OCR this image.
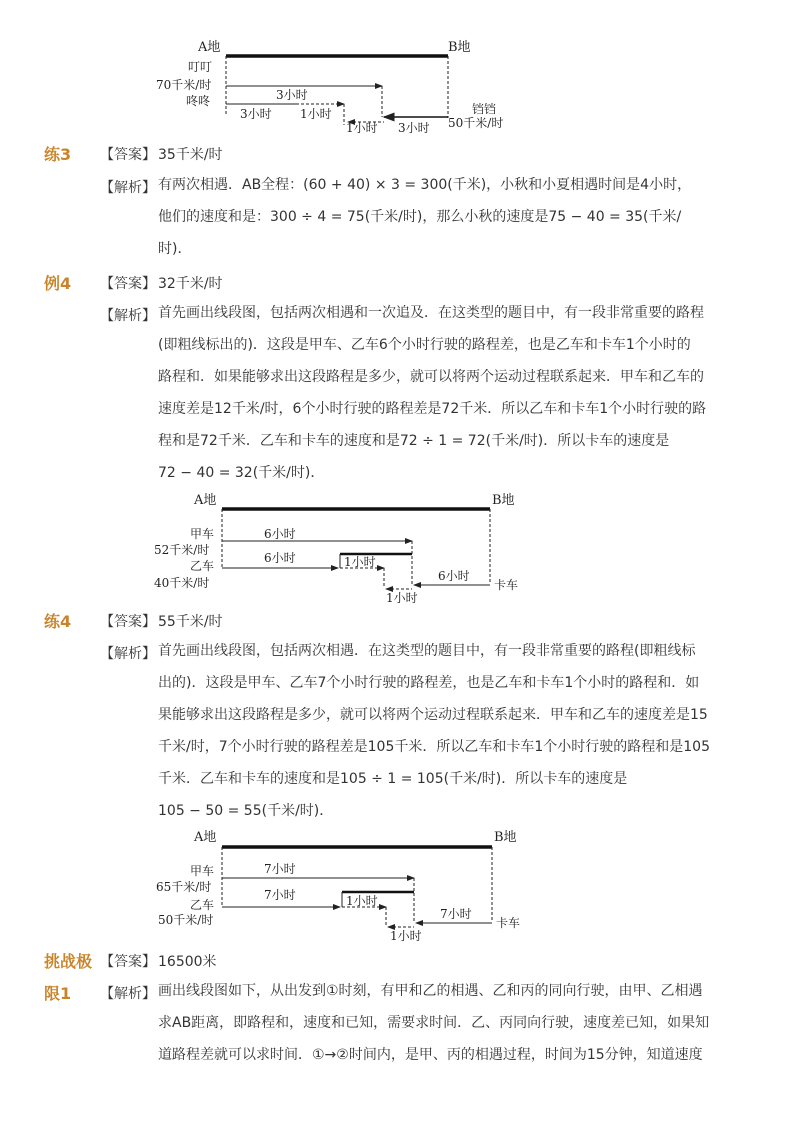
A地	B地
叮叮
70千米/时
咚咚	3小时
3小时 1小时
1小时 3小时
铛铛
50千米/时
练3 【答案】 35千米/时
【解析】 有两次相遇．AB全程：(60 + 40) × 3 = 300(千米)，小秋和小夏相遇时间是4小时，
他们的速度和是：300 ÷ 4 = 75(千米/时)，那么小秋的速度是75 − 40 = 35(千米/
时)．
例4 【答案】 32千米/时
【解析】 首先画出线段图，包括两次相遇和一次追及．在这类型的题目中，有一段非常重要的路程
(即粗线标出的)．这段是甲车、乙车6个小时行驶的路程差，也是乙车和卡车1个小时的
路程和．如果能够求出这段路程是多少，就可以将两个运动过程联系起来．甲车和乙车的
速度差是12千米/时，6个小时行驶的路程差是72千米．所以乙车和卡车1个小时行驶的路
程和是72千米．乙车和卡车的速度和是72 ÷ 1 = 72(千米/时)．所以卡车的速度是
72 − 40 = 32(千米/时)．
A地	B地
甲车
52千米/时
乙车
40千米/时
6小时
6小时	1小时
6小时
1小时
卡车
练4 【答案】 55千米/时
【解析】 首先画出线段图，包括两次相遇．在这类型的题目中，有一段非常重要的路程(即粗线标
出的)．这段是甲车、乙车7个小时行驶的路程差，也是乙车和卡车1个小时的路程和．如
果能够求出这段路程是多少，就可以将两个运动过程联系起来．甲车和乙车的速度差是15
千米/时，7个小时行驶的路程差是105千米．所以乙车和卡车1个小时行驶的路程和是105
千米．乙车和卡车的速度和是105 ÷ 1 = 105(千米/时)．所以卡车的速度是
105 − 50 = 55(千米/时)．
A地	B地
甲车
65千米/时
乙车
50千米/时
7小时
7小时	1小时
7小时
1小时
卡车
挑战极
限1
【答案】 16500米
【解析】 画出线段图如下，从出发到①时刻，有甲和乙的相遇、乙和丙的同向行驶，由甲、乙相遇
求AB距离，即路程和，速度和已知，需要求时间．乙、丙同向行驶，速度差已知，如果知
道路程差就可以求时间．①→②时间内，是甲、丙的相遇过程，时间为15分钟，知道速度
